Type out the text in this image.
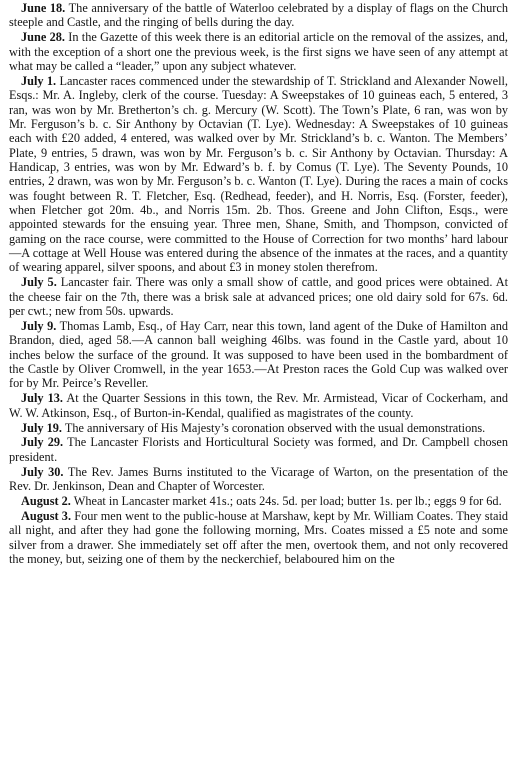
June 18. The anniversary of the battle of Waterloo celebrated by a display of flags on the Church steeple and Castle, and the ringing of bells during the day.

June 28. In the Gazette of this week there is an editorial article on the removal of the assizes, and, with the exception of a short one the previous week, is the first signs we have seen of any attempt at what may be called a “leader,” upon any subject whatever.

July 1. Lancaster races commenced under the stewardship of T. Strickland and Alexander Nowell, Esqs.: Mr. A. Ingleby, clerk of the course. Tuesday: A Sweepstakes of 10 guineas each, 5 entered, 3 ran, was won by Mr. Bretherton’s ch. g. Mercury (W. Scott). The Town’s Plate, 6 ran, was won by Mr. Ferguson’s b. c. Sir Anthony by Octavian (T. Lye). Wednesday: A Sweepstakes of 10 guineas each with £20 added, 4 entered, was walked over by Mr. Strickland’s b. c. Wanton. The Members’ Plate, 9 entries, 5 drawn, was won by Mr. Ferguson’s b. c. Sir Anthony by Octavian. Thursday: A Handicap, 3 entries, was won by Mr. Edward’s b. f. by Comus (T. Lye). The Seventy Pounds, 10 entries, 2 drawn, was won by Mr. Ferguson’s b. c. Wanton (T. Lye). During the races a main of cocks was fought between R. T. Fletcher, Esq. (Redhead, feeder), and H. Norris, Esq. (Forster, feeder), when Fletcher got 20m. 4b., and Norris 15m. 2b. Thos. Greene and John Clifton, Esqs., were appointed stewards for the ensuing year. Three men, Shane, Smith, and Thompson, convicted of gaming on the race course, were committed to the House of Correction for two months’ hard labour —A cottage at Well House was entered during the absence of the inmates at the races, and a quantity of wearing apparel, silver spoons, and about £3 in money stolen therefrom.

July 5. Lancaster fair. There was only a small show of cattle, and good prices were obtained. At the cheese fair on the 7th, there was a brisk sale at advanced prices; one old dairy sold for 67s. 6d. per cwt.; new from 50s. upwards.

July 9. Thomas Lamb, Esq., of Hay Carr, near this town, land agent of the Duke of Hamilton and Brandon, died, aged 58.—A cannon ball weighing 46lbs. was found in the Castle yard, about 10 inches below the surface of the ground. It was supposed to have been used in the bombardment of the Castle by Oliver Cromwell, in the year 1653.—At Preston races the Gold Cup was walked over for by Mr. Peirce’s Reveller.

July 13. At the Quarter Sessions in this town, the Rev. Mr. Armistead, Vicar of Cockerham, and W. W. Atkinson, Esq., of Burton-in-Kendal, qualified as magistrates of the county.

July 19. The anniversary of His Majesty’s coronation observed with the usual demonstrations.

July 29. The Lancaster Florists and Horticultural Society was formed, and Dr. Campbell chosen president.

July 30. The Rev. James Burns instituted to the Vicarage of Warton, on the presentation of the Rev. Dr. Jenkinson, Dean and Chapter of Worcester.

August 2. Wheat in Lancaster market 41s.; oats 24s. 5d. per load; butter 1s. per lb.; eggs 9 for 6d.

August 3. Four men went to the public-house at Marshaw, kept by Mr. William Coates. They staid all night, and after they had gone the following morning, Mrs. Coates missed a £5 note and some silver from a drawer. She immediately set off after the men, overtook them, and not only recovered the money, but, seizing one of them by the neckerchief, belaboured him on the
